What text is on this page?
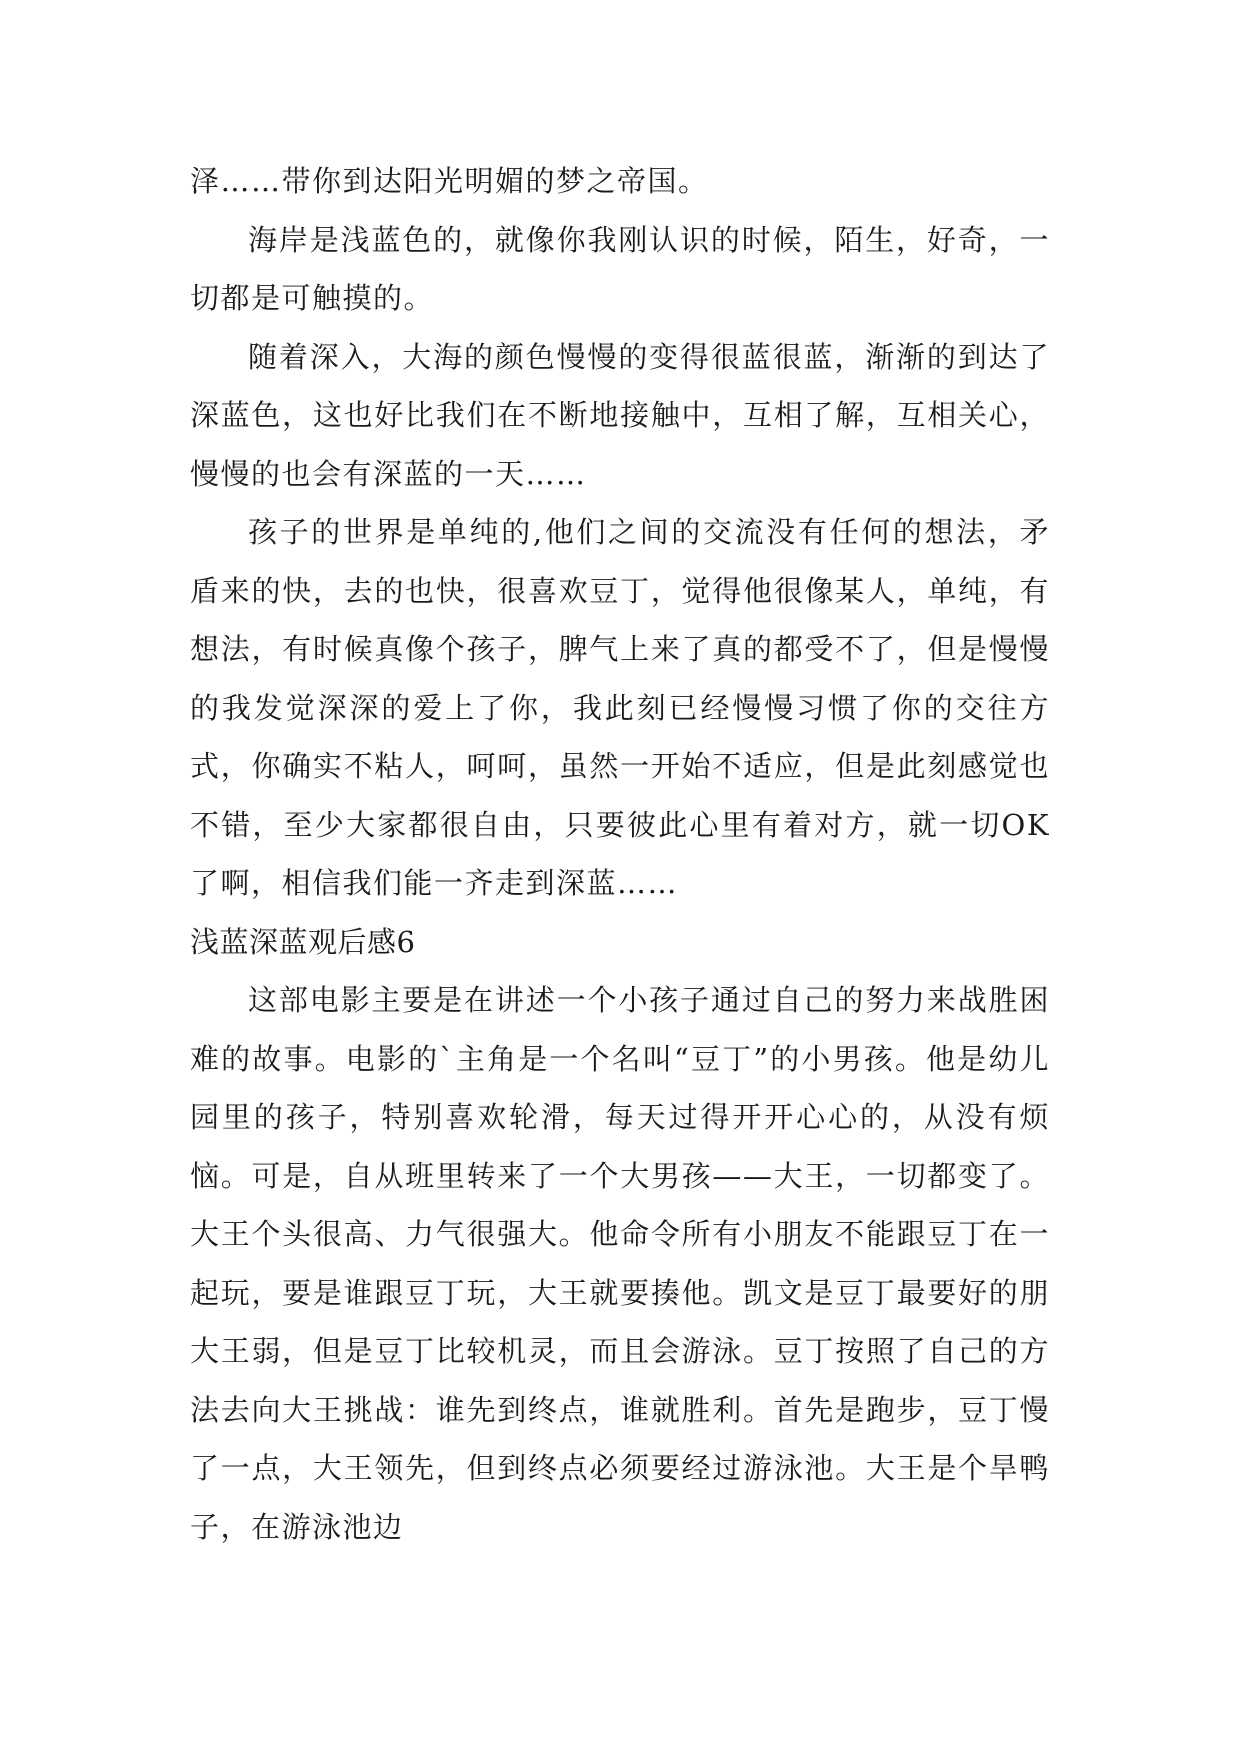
泽……带你到达阳光明媚的梦之帝国。

海岸是浅蓝色的，就像你我刚认识的时候，陌生，好奇，一切都是可触摸的。

随着深入，大海的颜色慢慢的变得很蓝很蓝，渐渐的到达了深蓝色，这也好比我们在不断地接触中，互相了解，互相关心，慢慢的也会有深蓝的一天……

孩子的世界是单纯的,他们之间的交流没有任何的想法，矛盾来的快，去的也快，很喜欢豆丁，觉得他很像某人，单纯，有想法，有时候真像个孩子，脾气上来了真的都受不了，但是慢慢的我发觉深深的爱上了你，我此刻已经慢慢习惯了你的交往方式，你确实不粘人，呵呵，虽然一开始不适应，但是此刻感觉也不错，至少大家都很自由，只要彼此心里有着对方，就一切OK了啊，相信我们能一齐走到深蓝……

浅蓝深蓝观后感6

这部电影主要是在讲述一个小孩子通过自己的努力来战胜困难的故事。电影的`主角是一个名叫“豆丁”的小男孩。他是幼儿园里的孩子，特别喜欢轮滑，每天过得开开心心的，从没有烦恼。可是，自从班里转来了一个大男孩——大王，一切都变了。大王个头很高、力气很强大。他命令所有小朋友不能跟豆丁在一起玩，要是谁跟豆丁玩，大王就要揍他。凯文是豆丁最要好的朋大王弱，但是豆丁比较机灵，而且会游泳。豆丁按照了自己的方法去向大王挑战：谁先到终点，谁就胜利。首先是跑步，豆丁慢了一点，大王领先，但到终点必须要经过游泳池。大王是个旱鸭子，在游泳池边
